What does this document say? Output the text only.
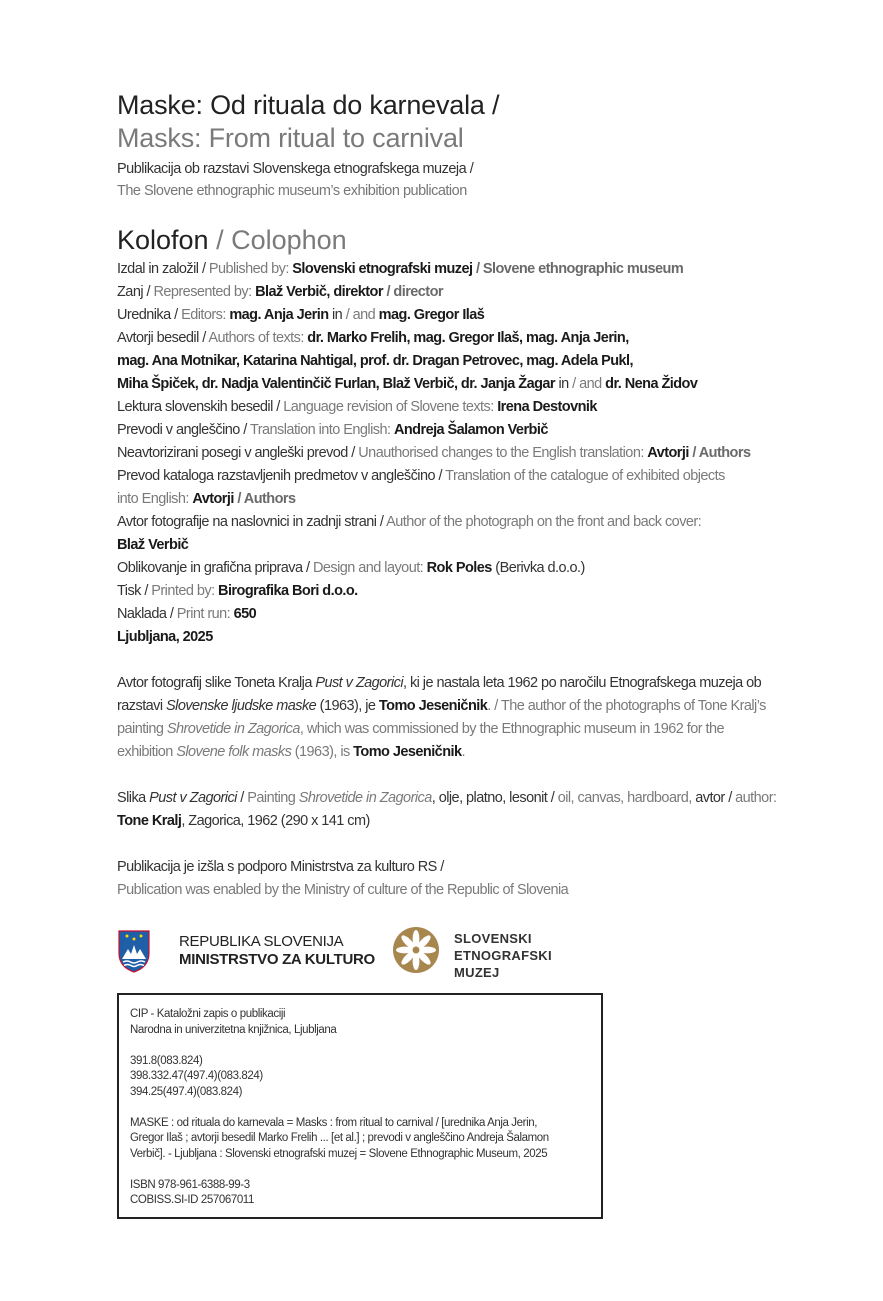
Maske: Od rituala do karnevala /
Masks: From ritual to carnival
Publikacija ob razstavi Slovenskega etnografskega muzeja /
The Slovene ethnographic museum’s exhibition publication
Kolofon / Colophon
Izdal in založil / Published by: Slovenski etnografski muzej / Slovene ethnographic museum
Zanj / Represented by: Blaž Verbič, direktor / director
Urednika / Editors: mag. Anja Jerin in / and mag. Gregor Ilaš
Avtorji besedil / Authors of texts: dr. Marko Frelih, mag. Gregor Ilaš, mag. Anja Jerin,
mag. Ana Motnikar, Katarina Nahtigal, prof. dr. Dragan Petrovec, mag. Adela Pukl,
Miha Špiček, dr. Nadja Valentinčič Furlan, Blaž Verbič, dr. Janja Žagar in / and dr. Nena Židov
Lektura slovenskih besedil / Language revision of Slovene texts: Irena Destovnik
Prevodi v angleščino / Translation into English: Andreja Šalamon Verbič
Neavtorizirani posegi v angleški prevod / Unauthorised changes to the English translation: Avtorji / Authors
Prevod kataloga razstavljenih predmetov v angleščino / Translation of the catalogue of exhibited objects
into English: Avtorji / Authors
Avtor fotografije na naslovnici in zadnji strani / Author of the photograph on the front and back cover:
Blaž Verbič
Oblikovanje in grafična priprava / Design and layout: Rok Poles (Berivka d.o.o.)
Tisk / Printed by: Birografika Bori d.o.o.
Naklada / Print run: 650
Ljubljana, 2025
Avtor fotografij slike Toneta Kralja Pust v Zagorici, ki je nastala leta 1962 po naročilu Etnografskega muzeja ob razstavi Slovenske ljudske maske (1963), je Tomo Jeseničnik. / The author of the photographs of Tone Kralj’s painting Shrovetide in Zagorica, which was commissioned by the Ethnographic museum in 1962 for the exhibition Slovene folk masks (1963), is Tomo Jeseničnik.
Slika Pust v Zagorici / Painting Shrovetide in Zagorica, olje, platno, lesonit / oil, canvas, hardboard, avtor / author: Tone Kralj, Zagorica, 1962 (290 x 141 cm)
Publikacija je izšla s podporo Ministrstva za kulturo RS /
Publication was enabled by the Ministry of culture of the Republic of Slovenia
REPUBLIKA SLOVENIJA
MINISTRSTVO ZA KULTURO
SLOVENSKI
ETNOGRAFSKI
MUZEJ

CIP - Kataložni zapis o publikaciji

Narodna in univerzitetna knjižnica, Ljubljana

391.8(083.824)

398.332.47(497.4)(083.824)

394.25(497.4)(083.824)

MASKE : od rituala do karnevala = Masks : from ritual to carnival / [urednika Anja Jerin,

Gregor Ilaš ; avtorji besedil Marko Frelih ... [et al.] ; prevodi v angleščino Andreja Šalamon

Verbič]. - Ljubljana : Slovenski etnografski muzej = Slovene Ethnographic Museum, 2025

ISBN 978-961-6388-99-3

COBISS.SI-ID 257067011
